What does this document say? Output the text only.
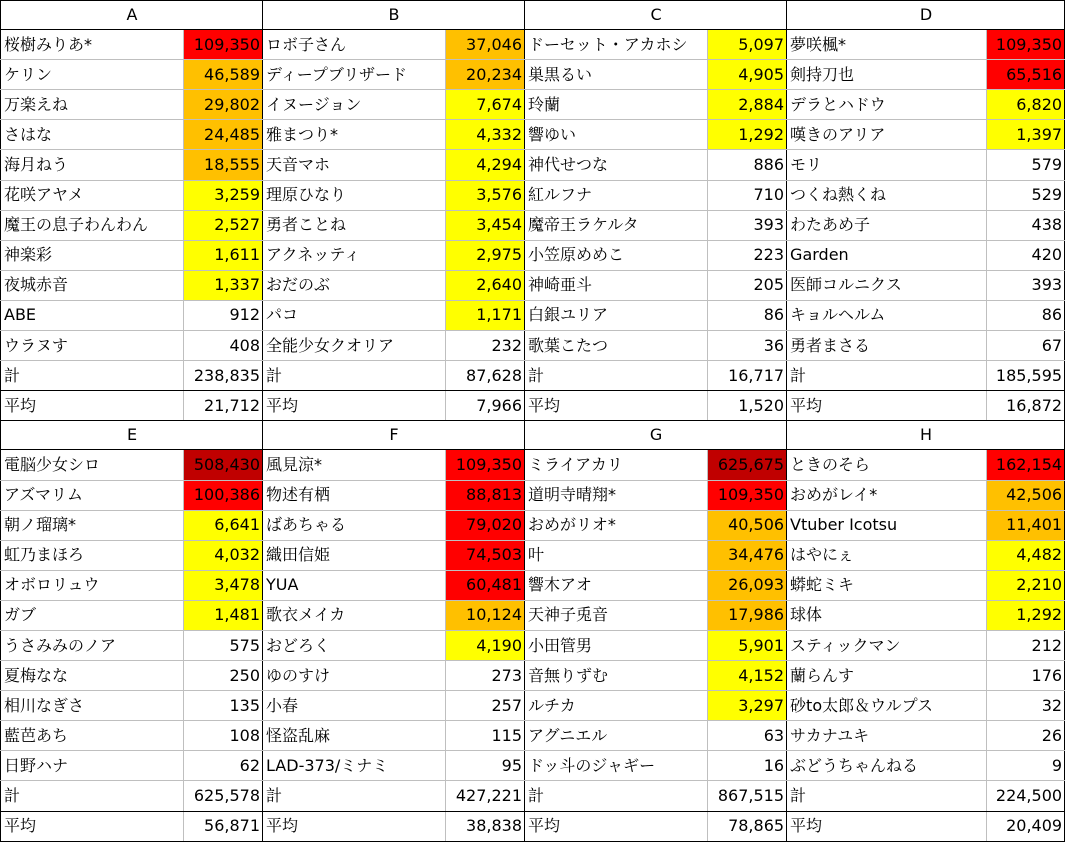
A		B		C		D	
桜樹みりあ*	109,350	ロボ子さん	37,046	ドーセット・アカホシ	5,097	夢咲楓*	109,350
ケリン	46,589	ディープブリザード	20,234	巣黒るい	4,905	剣持刀也	65,516
万楽えね	29,802	イヌージョン	7,674	玲蘭	2,884	デラとハドウ	6,820
さはな	24,485	雅まつり*	4,332	響ゆい	1,292	嘆きのアリア	1,397
海月ねう	18,555	天音マホ	4,294	神代せつな	886	モリ	579
花咲アヤメ	3,259	理原ひなり	3,576	紅ルフナ	710	つくね熱くね	529
魔王の息子わんわん	2,527	勇者ことね	3,454	魔帝王ラケルタ	393	わたあめ子	438
神楽彩	1,611	アクネッティ	2,975	小笠原めめこ	223	Garden	420
夜城赤音	1,337	おだのぶ	2,640	神崎亜斗	205	医師コルニクス	393
ABE	912	パコ	1,171	白銀ユリア	86	キョルヘルム	86
ウラヌす	408	全能少女クオリア	232	歌葉こたつ	36	勇者まさる	67
計	238,835	計	87,628	計	16,717	計	185,595
平均	21,712	平均	7,966	平均	1,520	平均	16,872
E		F		G		H	
電脳少女シロ	508,430	風見涼*	109,350	ミライアカリ	625,675	ときのそら	162,154
アズマリム	100,386	物述有栖	88,813	道明寺晴翔*	109,350	おめがレイ*	42,506
朝ノ瑠璃*	6,641	ばあちゃる	79,020	おめがリオ*	40,506	Vtuber Icotsu	11,401
虹乃まほろ	4,032	織田信姫	74,503	叶	34,476	はやにぇ	4,482
オボロリュウ	3,478	YUA	60,481	響木アオ	26,093	蟒蛇ミキ	2,210
ガブ	1,481	歌衣メイカ	10,124	天神子兎音	17,986	球体	1,292
うさみみのノア	575	おどろく	4,190	小田管男	5,901	スティックマン	212
夏梅なな	250	ゆのすけ	273	音無りずむ	4,152	蘭らんす	176
相川なぎさ	135	小春	257	ルチカ	3,297	砂to太郎＆ウルプス	32
藍芭あち	108	怪盗乱麻	115	アグニエル	63	サカナユキ	26
日野ハナ	62	LAD-373/ミナミ	95	ドッ斗のジャギー	16	ぶどうちゃんねる	9
計	625,578	計	427,221	計	867,515	計	224,500
平均	56,871	平均	38,838	平均	78,865	平均	20,409
